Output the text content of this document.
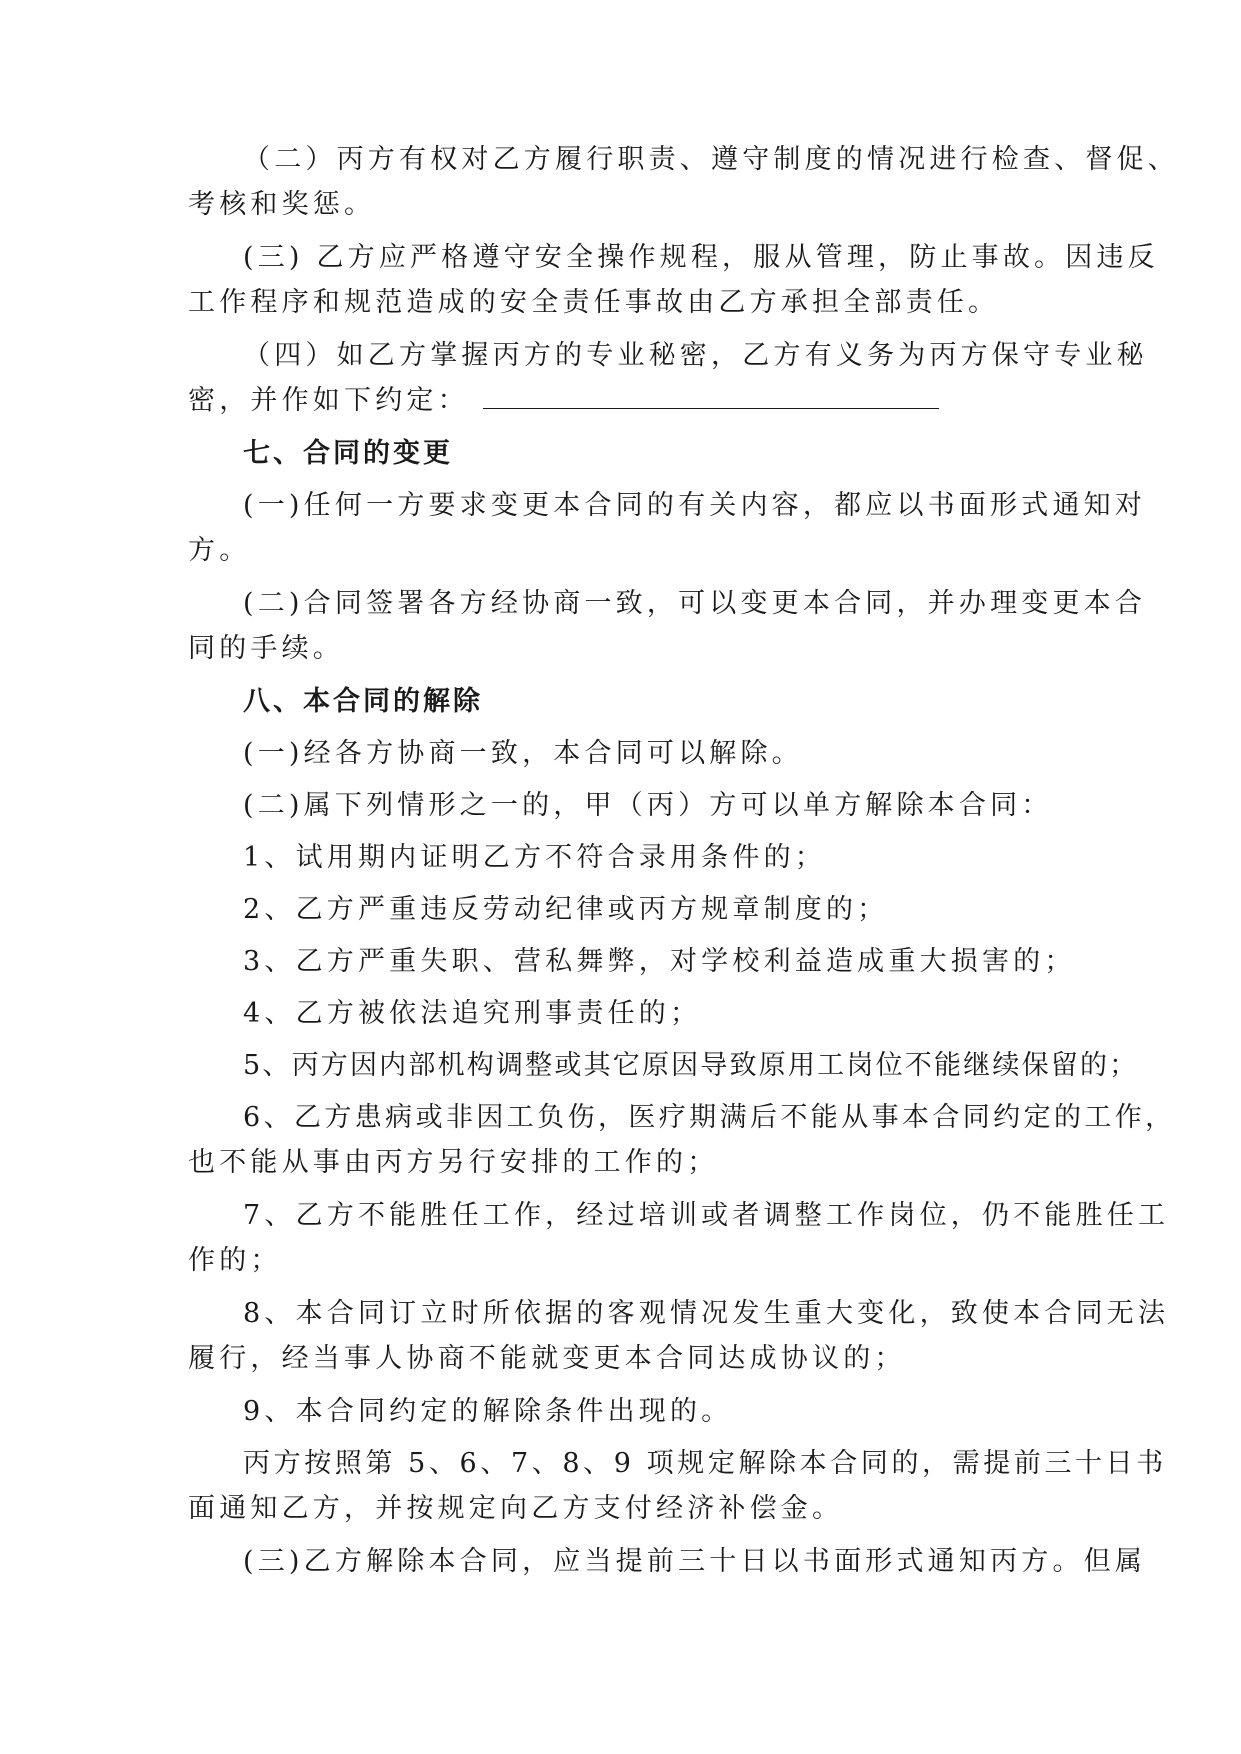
（二）丙方有权对乙方履行职责、遵守制度的情况进行检查、督促、
考核和奖惩。
(三) 乙方应严格遵守安全操作规程，服从管理，防止事故。因违反
工作程序和规范造成的安全责任事故由乙方承担全部责任。
（四）如乙方掌握丙方的专业秘密，乙方有义务为丙方保守专业秘
密，并作如下约定：
七、合同的变更
(一)任何一方要求变更本合同的有关内容，都应以书面形式通知对
方。
(二)合同签署各方经协商一致，可以变更本合同，并办理变更本合
同的手续。
八、本合同的解除
(一)经各方协商一致，本合同可以解除。
(二)属下列情形之一的，甲（丙）方可以单方解除本合同：
1、试用期内证明乙方不符合录用条件的；
2、乙方严重违反劳动纪律或丙方规章制度的；
3、乙方严重失职、营私舞弊，对学校利益造成重大损害的；
4、乙方被依法追究刑事责任的；
5、丙方因内部机构调整或其它原因导致原用工岗位不能继续保留的；
6、乙方患病或非因工负伤，医疗期满后不能从事本合同约定的工作，
也不能从事由丙方另行安排的工作的；
7、乙方不能胜任工作，经过培训或者调整工作岗位，仍不能胜任工
作的；
8、本合同订立时所依据的客观情况发生重大变化，致使本合同无法
履行，经当事人协商不能就变更本合同达成协议的；
9、本合同约定的解除条件出现的。
丙方按照第 5、6、7、8、9 项规定解除本合同的，需提前三十日书
面通知乙方，并按规定向乙方支付经济补偿金。
(三)乙方解除本合同，应当提前三十日以书面形式通知丙方。但属
